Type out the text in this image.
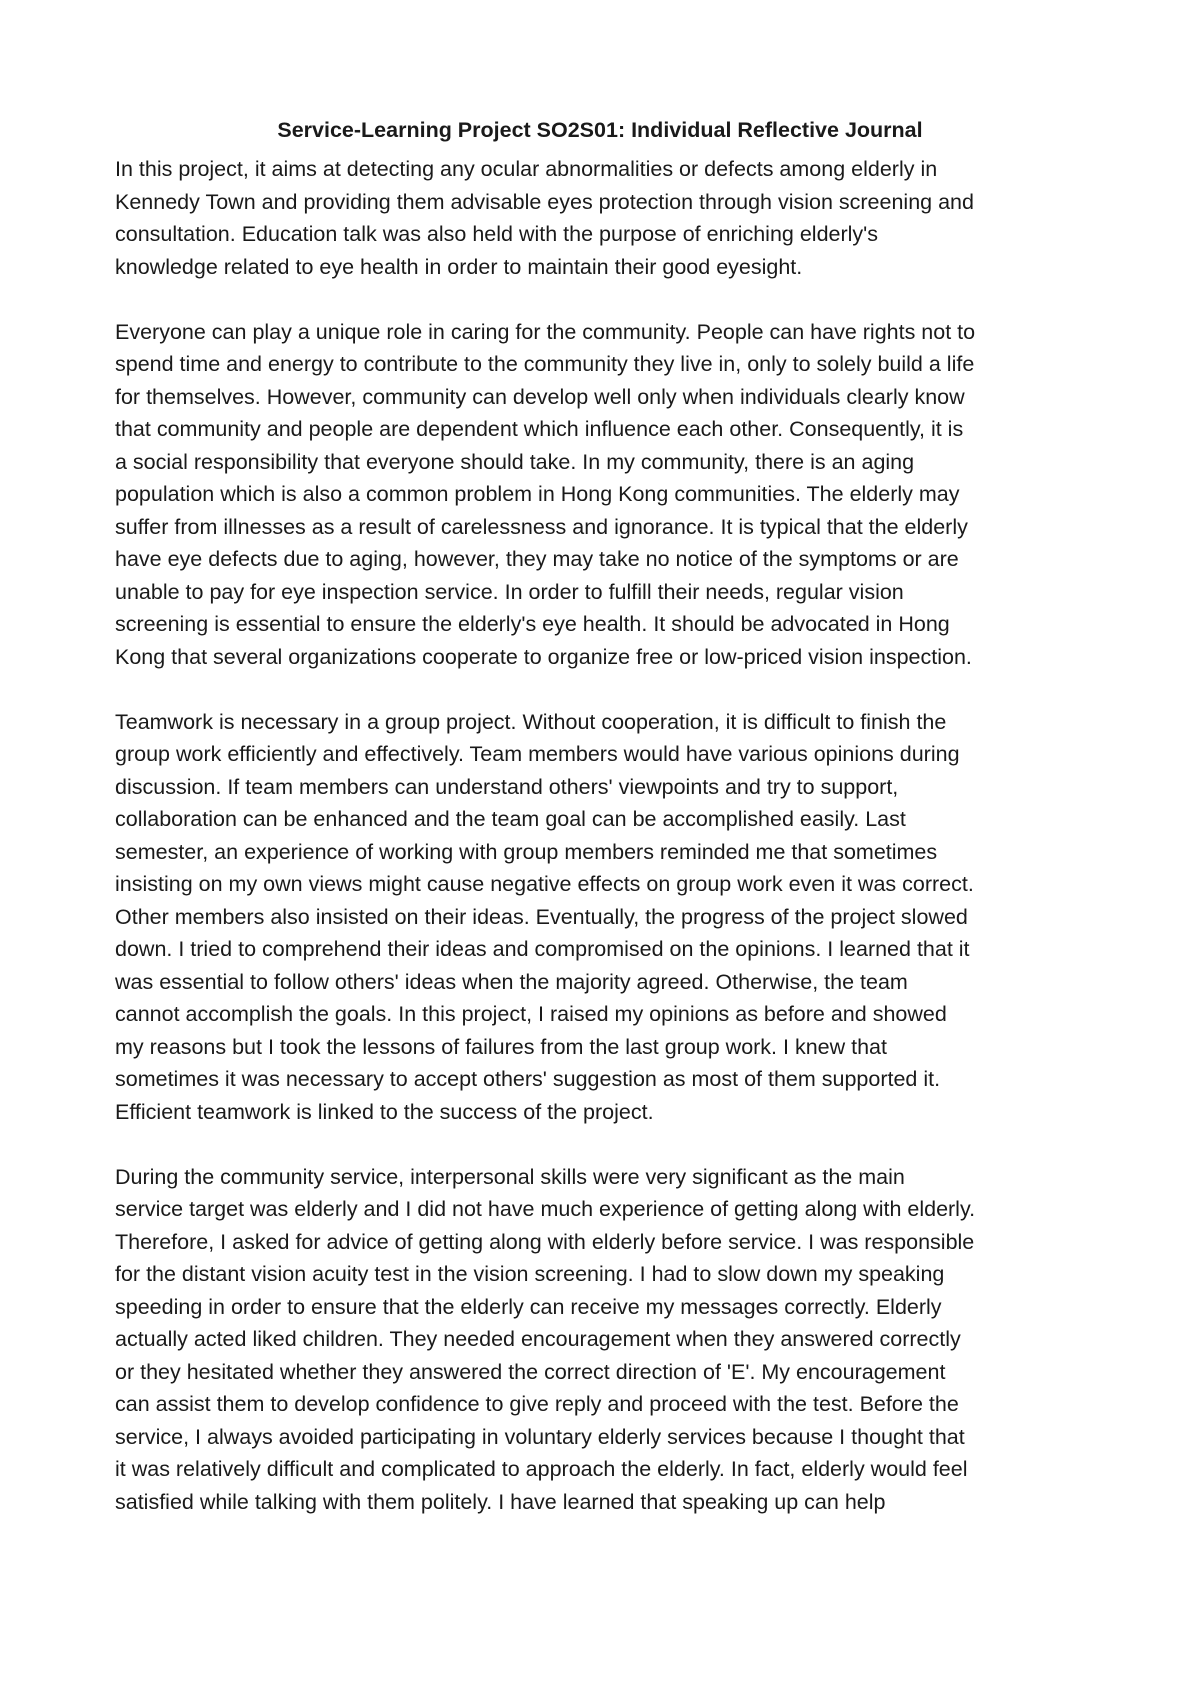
Service-Learning Project SO2S01: Individual Reflective Journal

In this project, it aims at detecting any ocular abnormalities or defects among elderly in
Kennedy Town and providing them advisable eyes protection through vision screening and
consultation. Education talk was also held with the purpose of enriching elderly's
knowledge related to eye health in order to maintain their good eyesight.

Everyone can play a unique role in caring for the community. People can have rights not to
spend time and energy to contribute to the community they live in, only to solely build a life
for themselves. However, community can develop well only when individuals clearly know
that community and people are dependent which influence each other. Consequently, it is
a social responsibility that everyone should take. In my community, there is an aging
population which is also a common problem in Hong Kong communities. The elderly may
suffer from illnesses as a result of carelessness and ignorance. It is typical that the elderly
have eye defects due to aging, however, they may take no notice of the symptoms or are
unable to pay for eye inspection service. In order to fulfill their needs, regular vision
screening is essential to ensure the elderly's eye health. It should be advocated in Hong
Kong that several organizations cooperate to organize free or low-priced vision inspection.

Teamwork is necessary in a group project. Without cooperation, it is difficult to finish the
group work efficiently and effectively. Team members would have various opinions during
discussion. If team members can understand others' viewpoints and try to support,
collaboration can be enhanced and the team goal can be accomplished easily. Last
semester, an experience of working with group members reminded me that sometimes
insisting on my own views might cause negative effects on group work even it was correct.
Other members also insisted on their ideas. Eventually, the progress of the project slowed
down. I tried to comprehend their ideas and compromised on the opinions. I learned that it
was essential to follow others' ideas when the majority agreed. Otherwise, the team
cannot accomplish the goals. In this project, I raised my opinions as before and showed
my reasons but I took the lessons of failures from the last group work. I knew that
sometimes it was necessary to accept others' suggestion as most of them supported it.
Efficient teamwork is linked to the success of the project.

During the community service, interpersonal skills were very significant as the main
service target was elderly and I did not have much experience of getting along with elderly.
Therefore, I asked for advice of getting along with elderly before service. I was responsible
for the distant vision acuity test in the vision screening. I had to slow down my speaking
speeding in order to ensure that the elderly can receive my messages correctly. Elderly
actually acted liked children. They needed encouragement when they answered correctly
or they hesitated whether they answered the correct direction of 'E'. My encouragement
can assist them to develop confidence to give reply and proceed with the test. Before the
service, I always avoided participating in voluntary elderly services because I thought that
it was relatively difficult and complicated to approach the elderly. In fact, elderly would feel
satisfied while talking with them politely. I have learned that speaking up can help
